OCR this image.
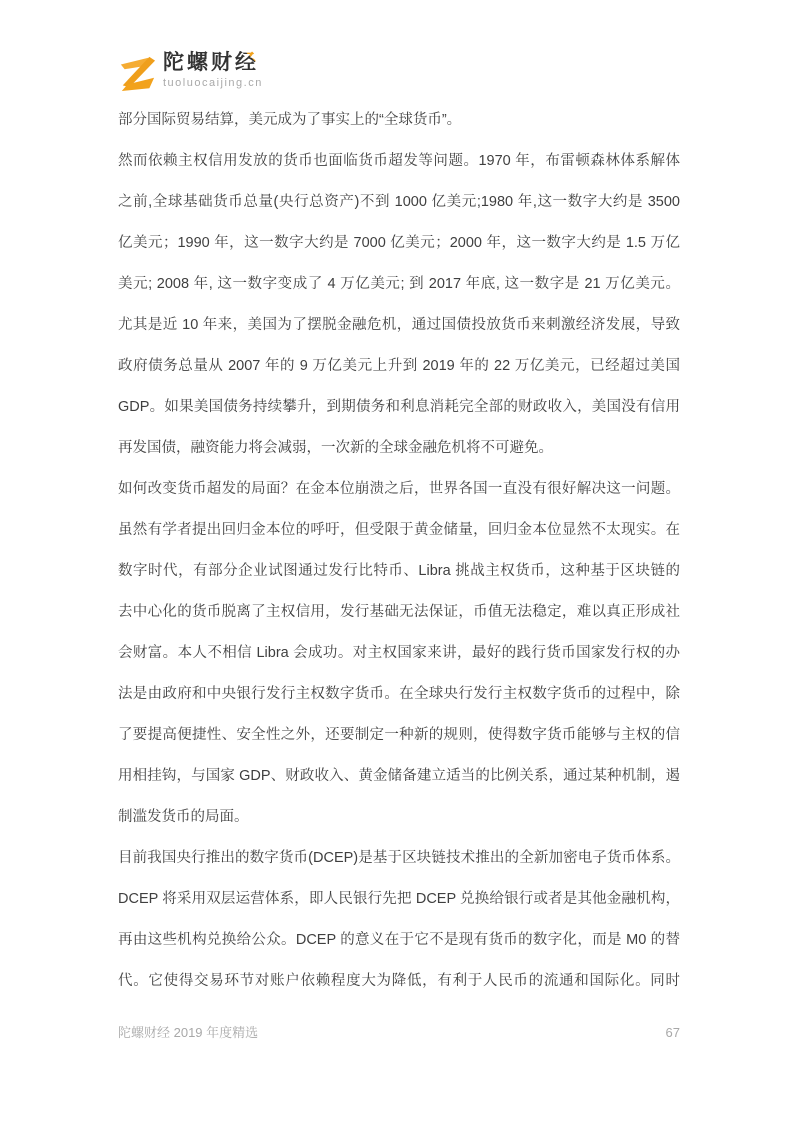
陀螺财经
tuoluocaijing.cn
部分国际贸易结算，美元成为了事实上的“全球货币”。
然而依赖主权信用发放的货币也面临货币超发等问题。1970 年，布雷顿森林体系解体
之前,全球基础货币总量(央行总资产)不到 1000 亿美元;1980 年,这一数字大约是 3500
亿美元；1990 年，这一数字大约是 7000 亿美元；2000 年，这一数字大约是 1.5 万亿
美元; 2008 年, 这一数字变成了 4 万亿美元; 到 2017 年底, 这一数字是 21 万亿美元。
尤其是近 10 年来，美国为了摆脱金融危机，通过国债投放货币来刺激经济发展，导致
政府债务总量从 2007 年的 9 万亿美元上升到 2019 年的 22 万亿美元，已经超过美国
GDP。如果美国债务持续攀升，到期债务和利息消耗完全部的财政收入，美国没有信用
再发国债，融资能力将会减弱，一次新的全球金融危机将不可避免。
如何改变货币超发的局面？在金本位崩溃之后，世界各国一直没有很好解决这一问题。
虽然有学者提出回归金本位的呼吁，但受限于黄金储量，回归金本位显然不太现实。在
数字时代，有部分企业试图通过发行比特币、Libra 挑战主权货币，这种基于区块链的
去中心化的货币脱离了主权信用，发行基础无法保证，币值无法稳定，难以真正形成社
会财富。本人不相信 Libra 会成功。对主权国家来讲，最好的践行货币国家发行权的办
法是由政府和中央银行发行主权数字货币。在全球央行发行主权数字货币的过程中，除
了要提高便捷性、安全性之外，还要制定一种新的规则，使得数字货币能够与主权的信
用相挂钩，与国家 GDP、财政收入、黄金储备建立适当的比例关系，通过某种机制，遏
制滥发货币的局面。
目前我国央行推出的数字货币(DCEP)是基于区块链技术推出的全新加密电子货币体系。
DCEP 将采用双层运营体系，即人民银行先把 DCEP 兑换给银行或者是其他金融机构，
再由这些机构兑换给公众。DCEP 的意义在于它不是现有货币的数字化，而是 M0 的替
代。它使得交易环节对账户依赖程度大为降低，有利于人民币的流通和国际化。同时
陀螺财经 2019 年度精选	67
